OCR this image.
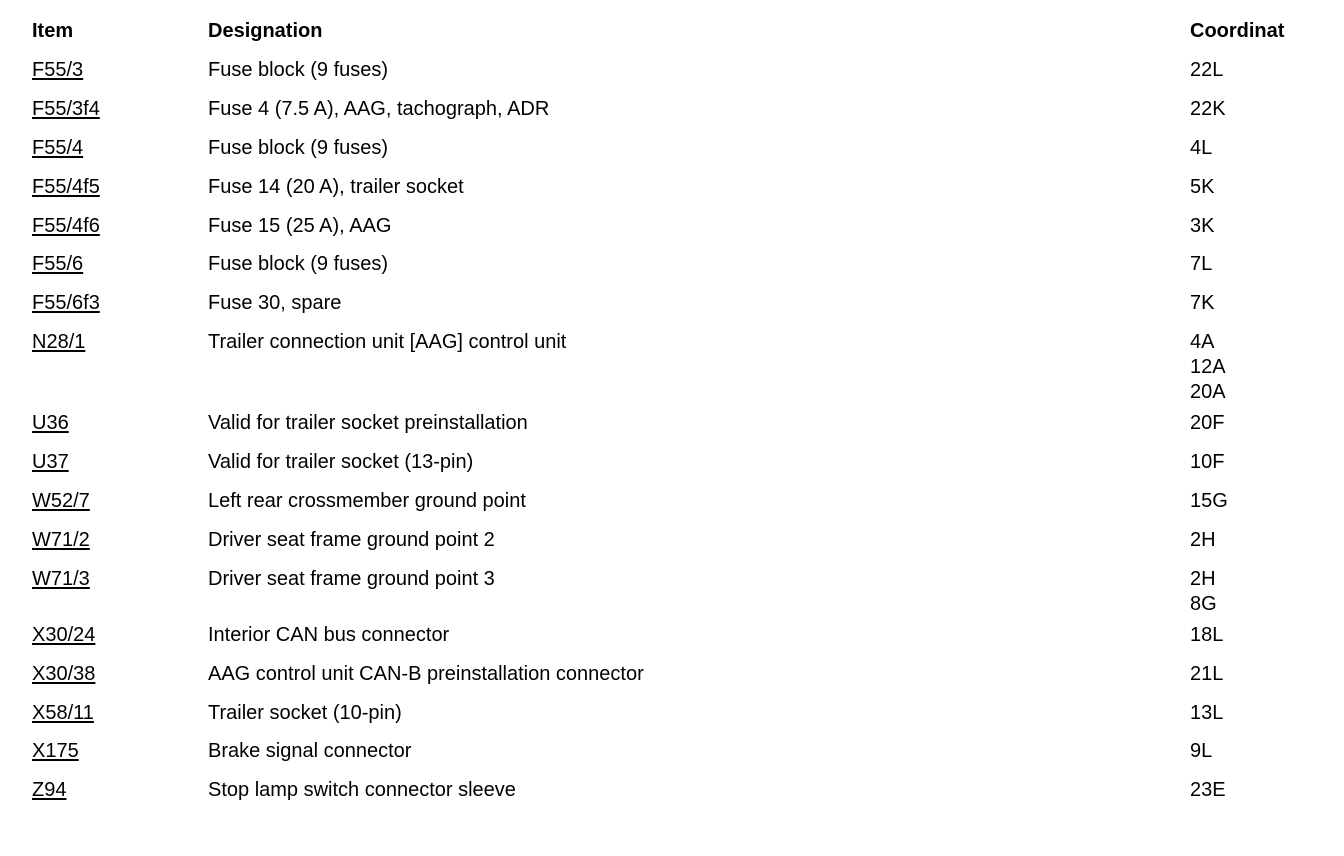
Item	Designation	Coordinat
F55/3	Fuse block (9 fuses)	22L

F55/3f4	Fuse 4 (7.5 A), AAG, tachograph, ADR	22K

F55/4	Fuse block (9 fuses)	4L

F55/4f5	Fuse 14 (20 A), trailer socket	5K

F55/4f6	Fuse 15 (25 A), AAG	3K

F55/6	Fuse block (9 fuses)	7L

F55/6f3	Fuse 30, spare	7K

N28/1	Trailer connection unit [AAG] control unit	4A
12A
20A

U36	Valid for trailer socket preinstallation	20F

U37	Valid for trailer socket (13-pin)	10F

W52/7	Left rear crossmember ground point	15G

W71/2	Driver seat frame ground point 2	2H

W71/3	Driver seat frame ground point 3	2H
8G

X30/24	Interior CAN bus connector	18L

X30/38	AAG control unit CAN-B preinstallation connector	21L

X58/11	Trailer socket (10-pin)	13L

X175	Brake signal connector	9L

Z94	Stop lamp switch connector sleeve	23E
